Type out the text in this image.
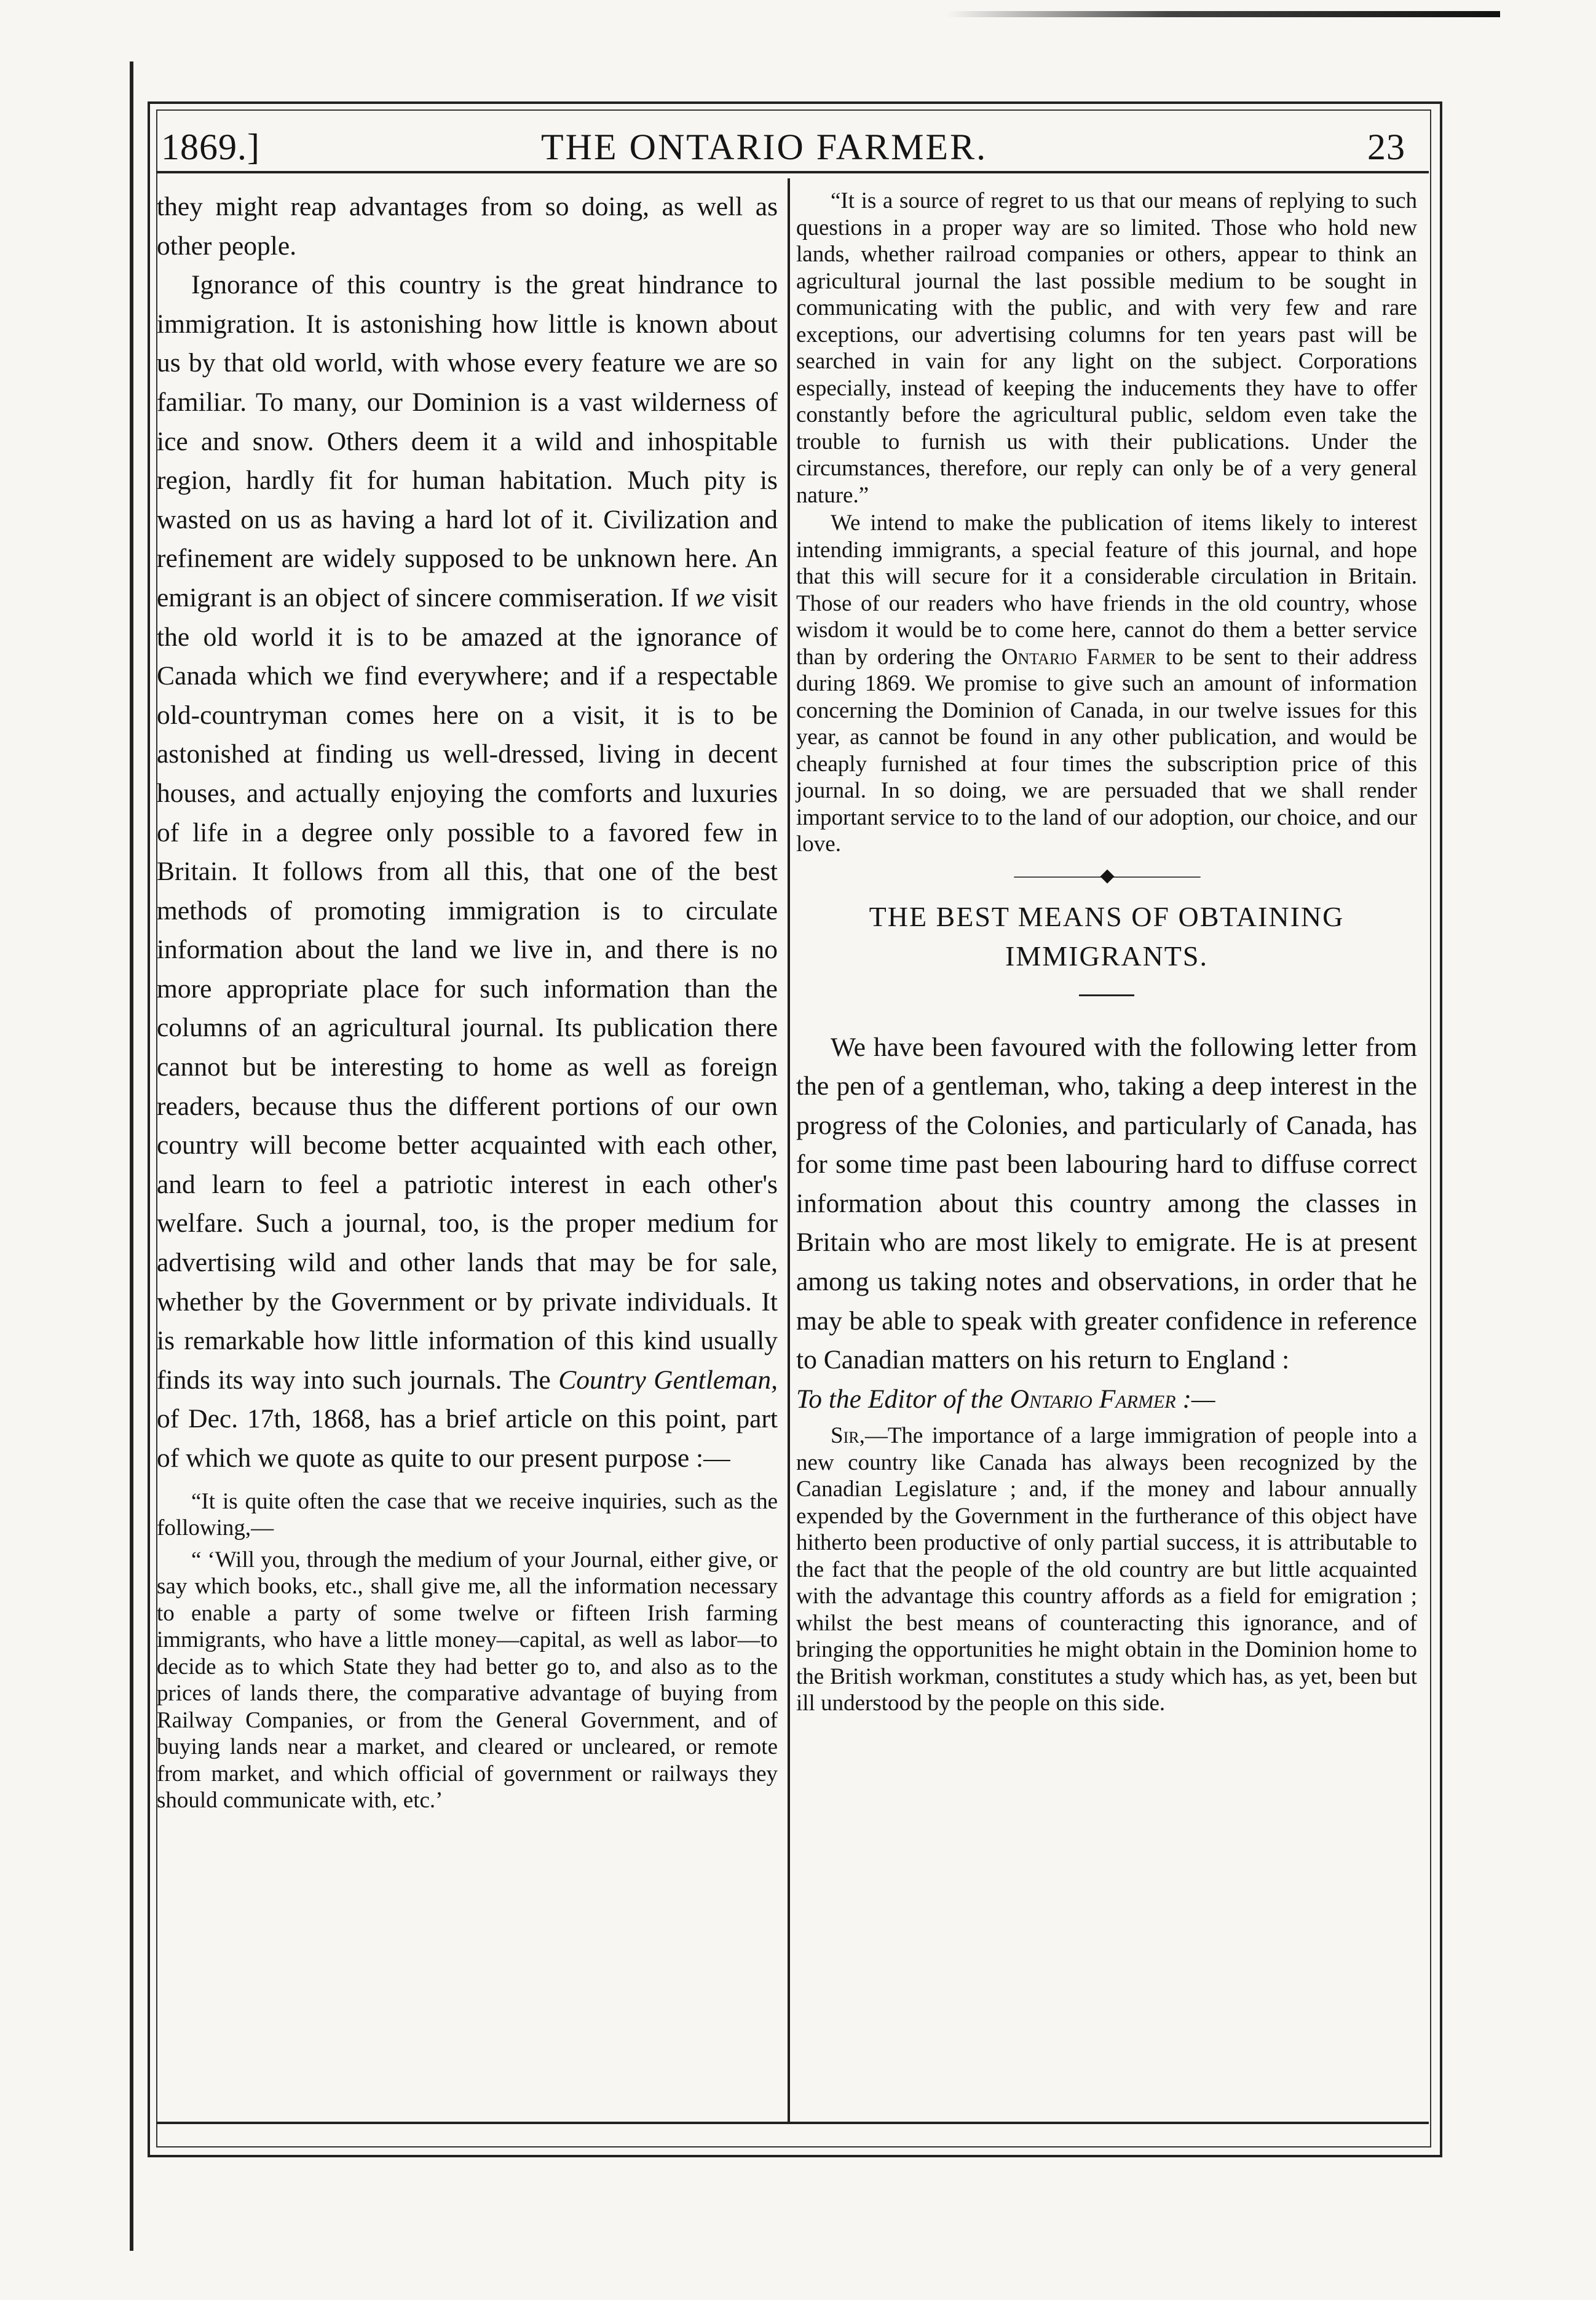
1869.]	THE ONTARIO FARMER.	23

they might reap advantages from so doing, as well as other people.

Ignorance of this country is the great hindrance to immigration. It is astonishing how little is known about us by that old world, with whose every feature we are so familiar. To many, our Dominion is a vast wilderness of ice and snow. Others deem it a wild and inhospitable region, hardly fit for human habitation. Much pity is wasted on us as having a hard lot of it. Civilization and refinement are widely supposed to be unknown here. An emigrant is an object of sincere commiseration. If we visit the old world it is to be amazed at the ignorance of Canada which we find everywhere; and if a respectable old-countryman comes here on a visit, it is to be astonished at finding us well-dressed, living in decent houses, and actually enjoying the comforts and luxuries of life in a degree only possible to a favored few in Britain. It follows from all this, that one of the best methods of promoting immigration is to circulate information about the land we live in, and there is no more appropriate place for such information than the columns of an agricultural journal. Its publication there cannot but be interesting to home as well as foreign readers, because thus the different portions of our own country will become better acquainted with each other, and learn to feel a patriotic interest in each other's welfare. Such a journal, too, is the proper medium for advertising wild and other lands that may be for sale, whether by the Government or by private individuals. It is remarkable how little information of this kind usually finds its way into such journals. The Country Gentleman, of Dec. 17th, 1868, has a brief article on this point, part of which we quote as quite to our present purpose :—

“It is quite often the case that we receive inquiries, such as the following,—

“ ‘Will you, through the medium of your Journal, either give, or say which books, etc., shall give me, all the information necessary to enable a party of some twelve or fifteen Irish farming immigrants, who have a little money—capital, as well as labor—to decide as to which State they had better go to, and also as to the prices of lands there, the comparative advantage of buying from Railway Companies, or from the General Government, and of buying lands near a market, and cleared or uncleared, or remote from market, and which official of government or railways they should communicate with, etc.’

“It is a source of regret to us that our means of replying to such questions in a proper way are so limited. Those who hold new lands, whether railroad companies or others, appear to think an agricultural journal the last possible medium to be sought in communicating with the public, and with very few and rare exceptions, our advertising columns for ten years past will be searched in vain for any light on the subject. Corporations especially, instead of keeping the inducements they have to offer constantly before the agricultural public, seldom even take the trouble to furnish us with their publications. Under the circumstances, therefore, our reply can only be of a very general nature.”

We intend to make the publication of items likely to interest intending immigrants, a special feature of this journal, and hope that this will secure for it a considerable circulation in Britain. Those of our readers who have friends in the old country, whose wisdom it would be to come here, cannot do them a better service than by ordering the Ontario Farmer to be sent to their address during 1869. We promise to give such an amount of information concerning the Dominion of Canada, in our twelve issues for this year, as cannot be found in any other publication, and would be cheaply furnished at four times the subscription price of this journal. In so doing, we are persuaded that we shall render important service to to the land of our adoption, our choice, and our love.

—————◆—————
THE BEST MEANS OF OBTAINING
IMMIGRANTS.

We have been favoured with the following letter from the pen of a gentleman, who, taking a deep interest in the progress of the Colonies, and particularly of Canada, has for some time past been labouring hard to diffuse correct information about this country among the classes in Britain who are most likely to emigrate. He is at present among us taking notes and observations, in order that he may be able to speak with greater confidence in reference to Canadian matters on his return to England :

To the Editor of the Ontario Farmer :—

Sir,—The importance of a large immigration of people into a new country like Canada has always been recognized by the Canadian Legislature ; and, if the money and labour annually expended by the Government in the furtherance of this object have hitherto been productive of only partial success, it is attributable to the fact that the people of the old country are but little acquainted with the advantage this country affords as a field for emigration ; whilst the best means of counteracting this ignorance, and of bringing the opportunities he might obtain in the Dominion home to the British workman, constitutes a study which has, as yet, been but ill understood by the people on this side.
